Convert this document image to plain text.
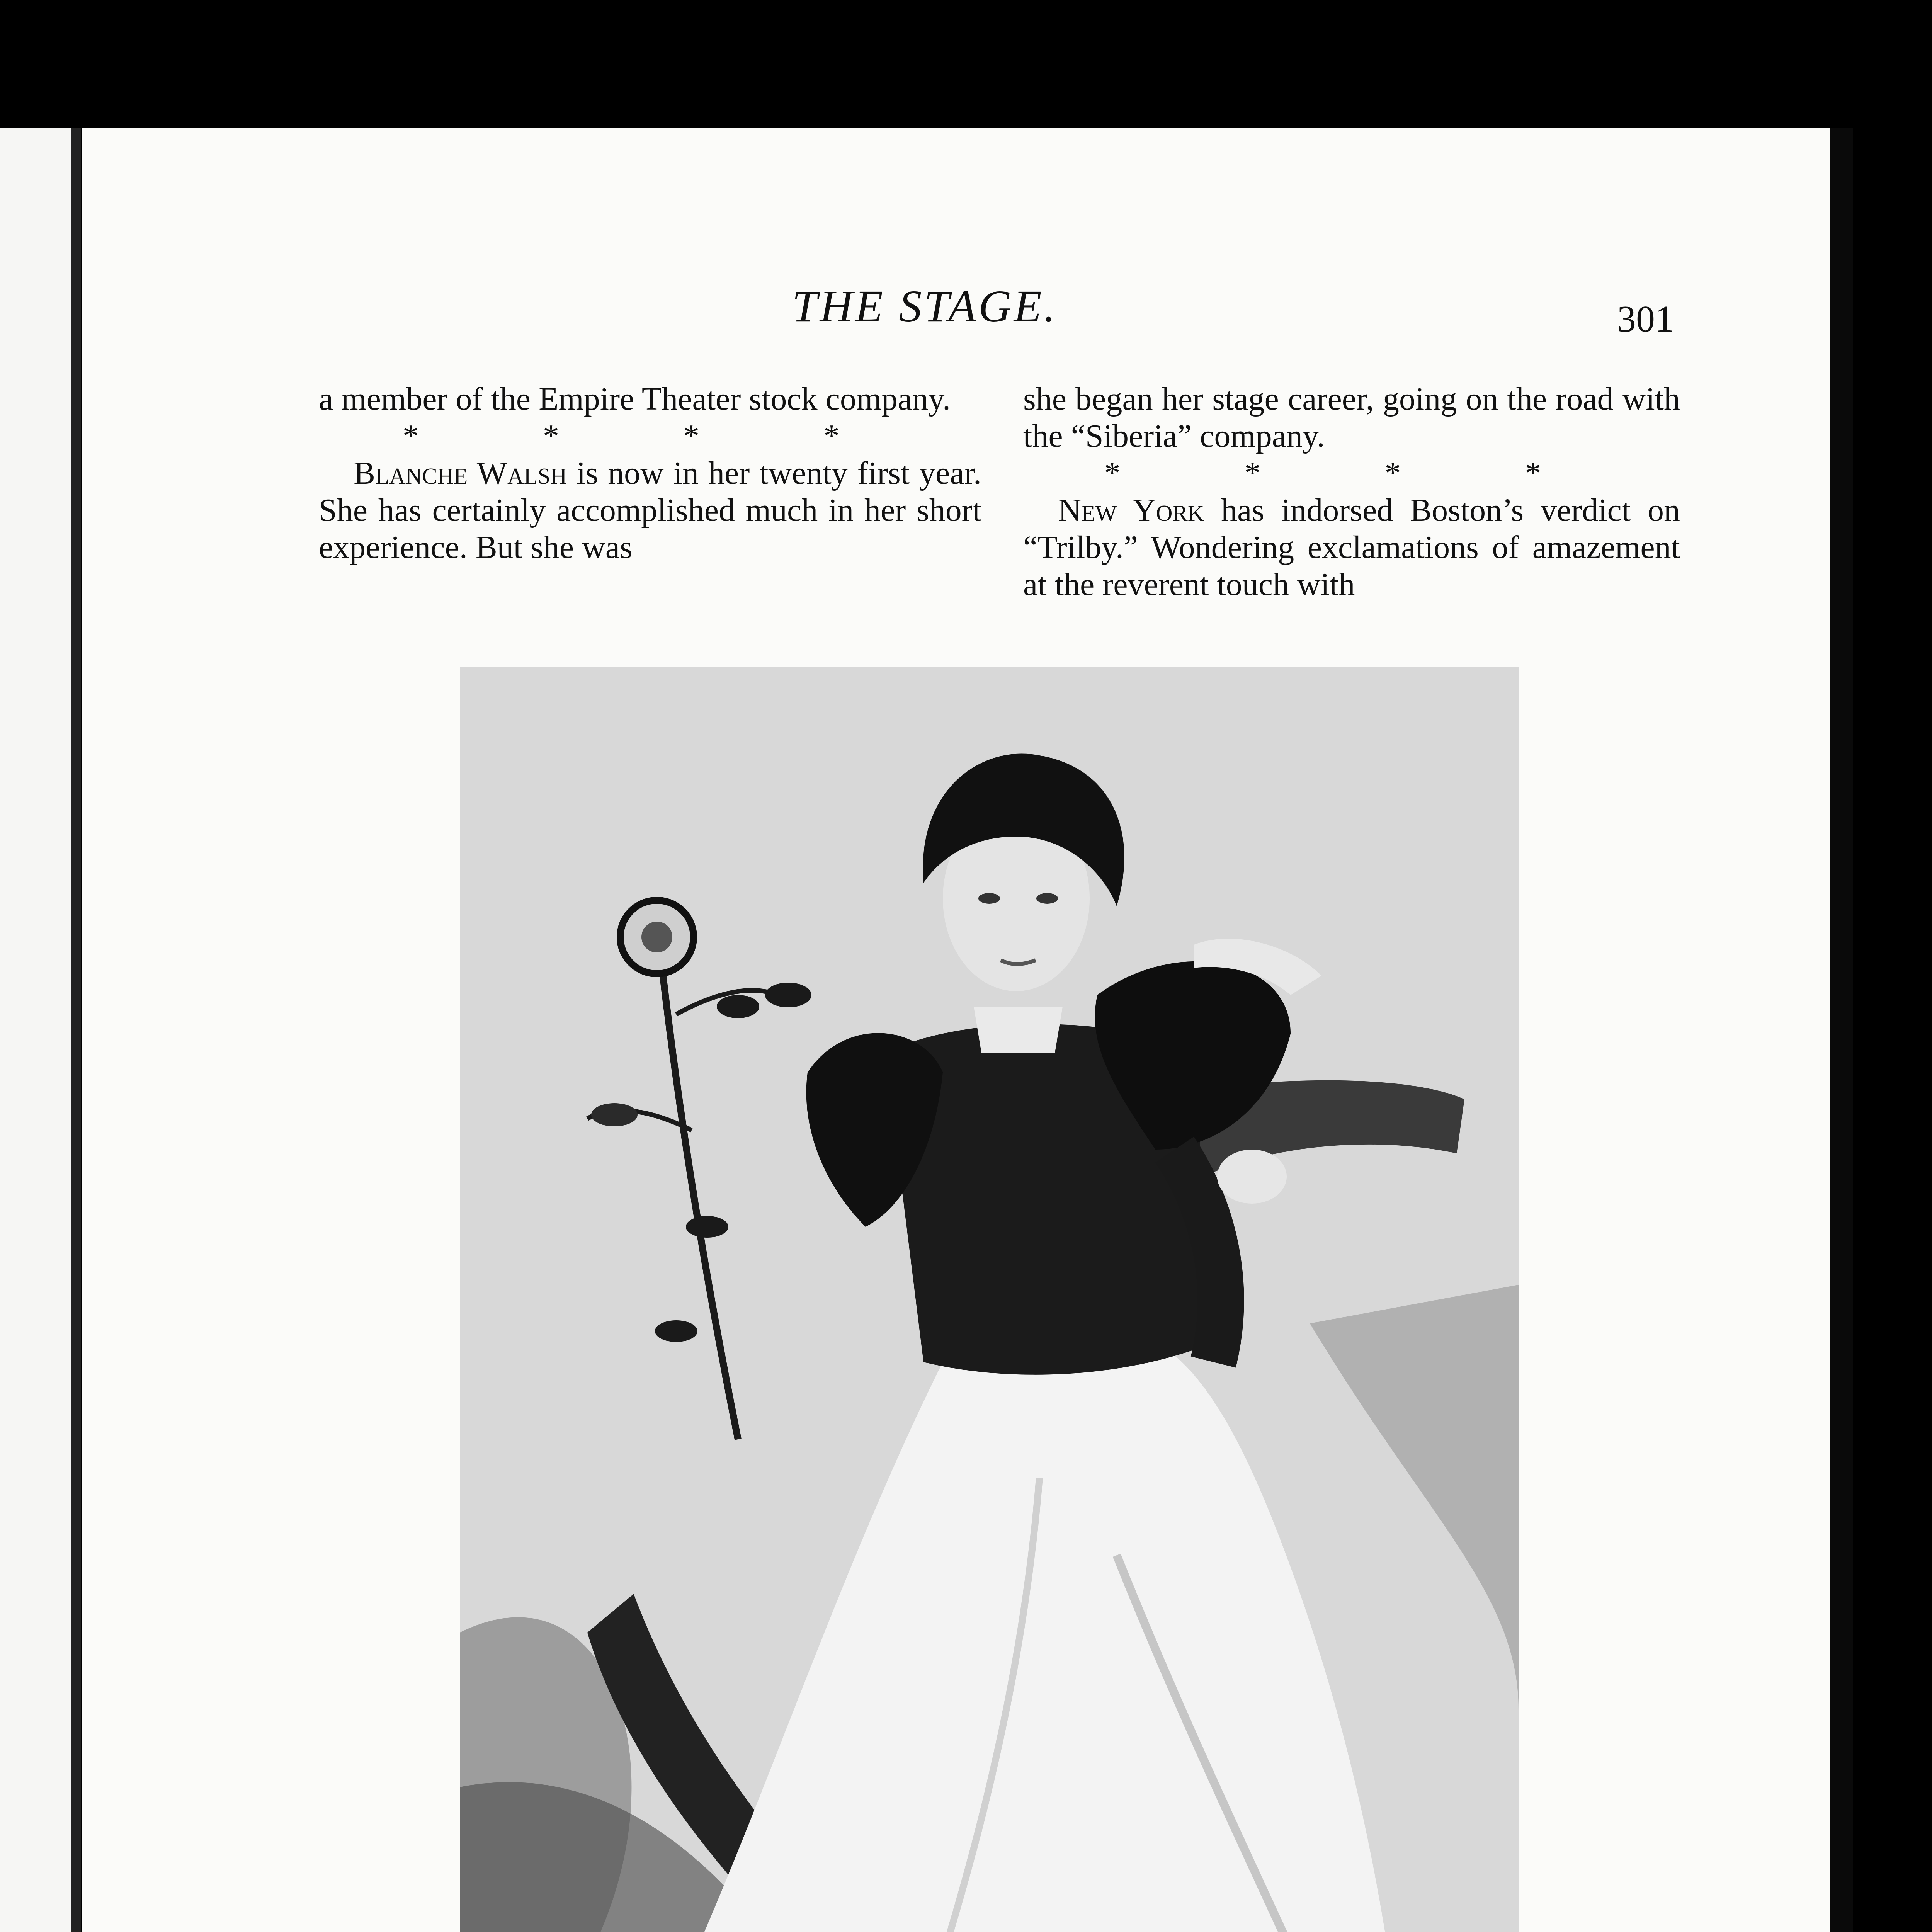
THE STAGE.	301

a member of the Empire Theater stock company.

* * * *

Blanche Walsh is now in her twenty first year. She has certainly accomplished much in her short experience. But she was

she began her stage career, going on the road with the “Siberia” company.

* * * *

New York has indorsed Boston’s verdict on “Trilby.” Wondering exclamations of amazement at the reverent touch with
